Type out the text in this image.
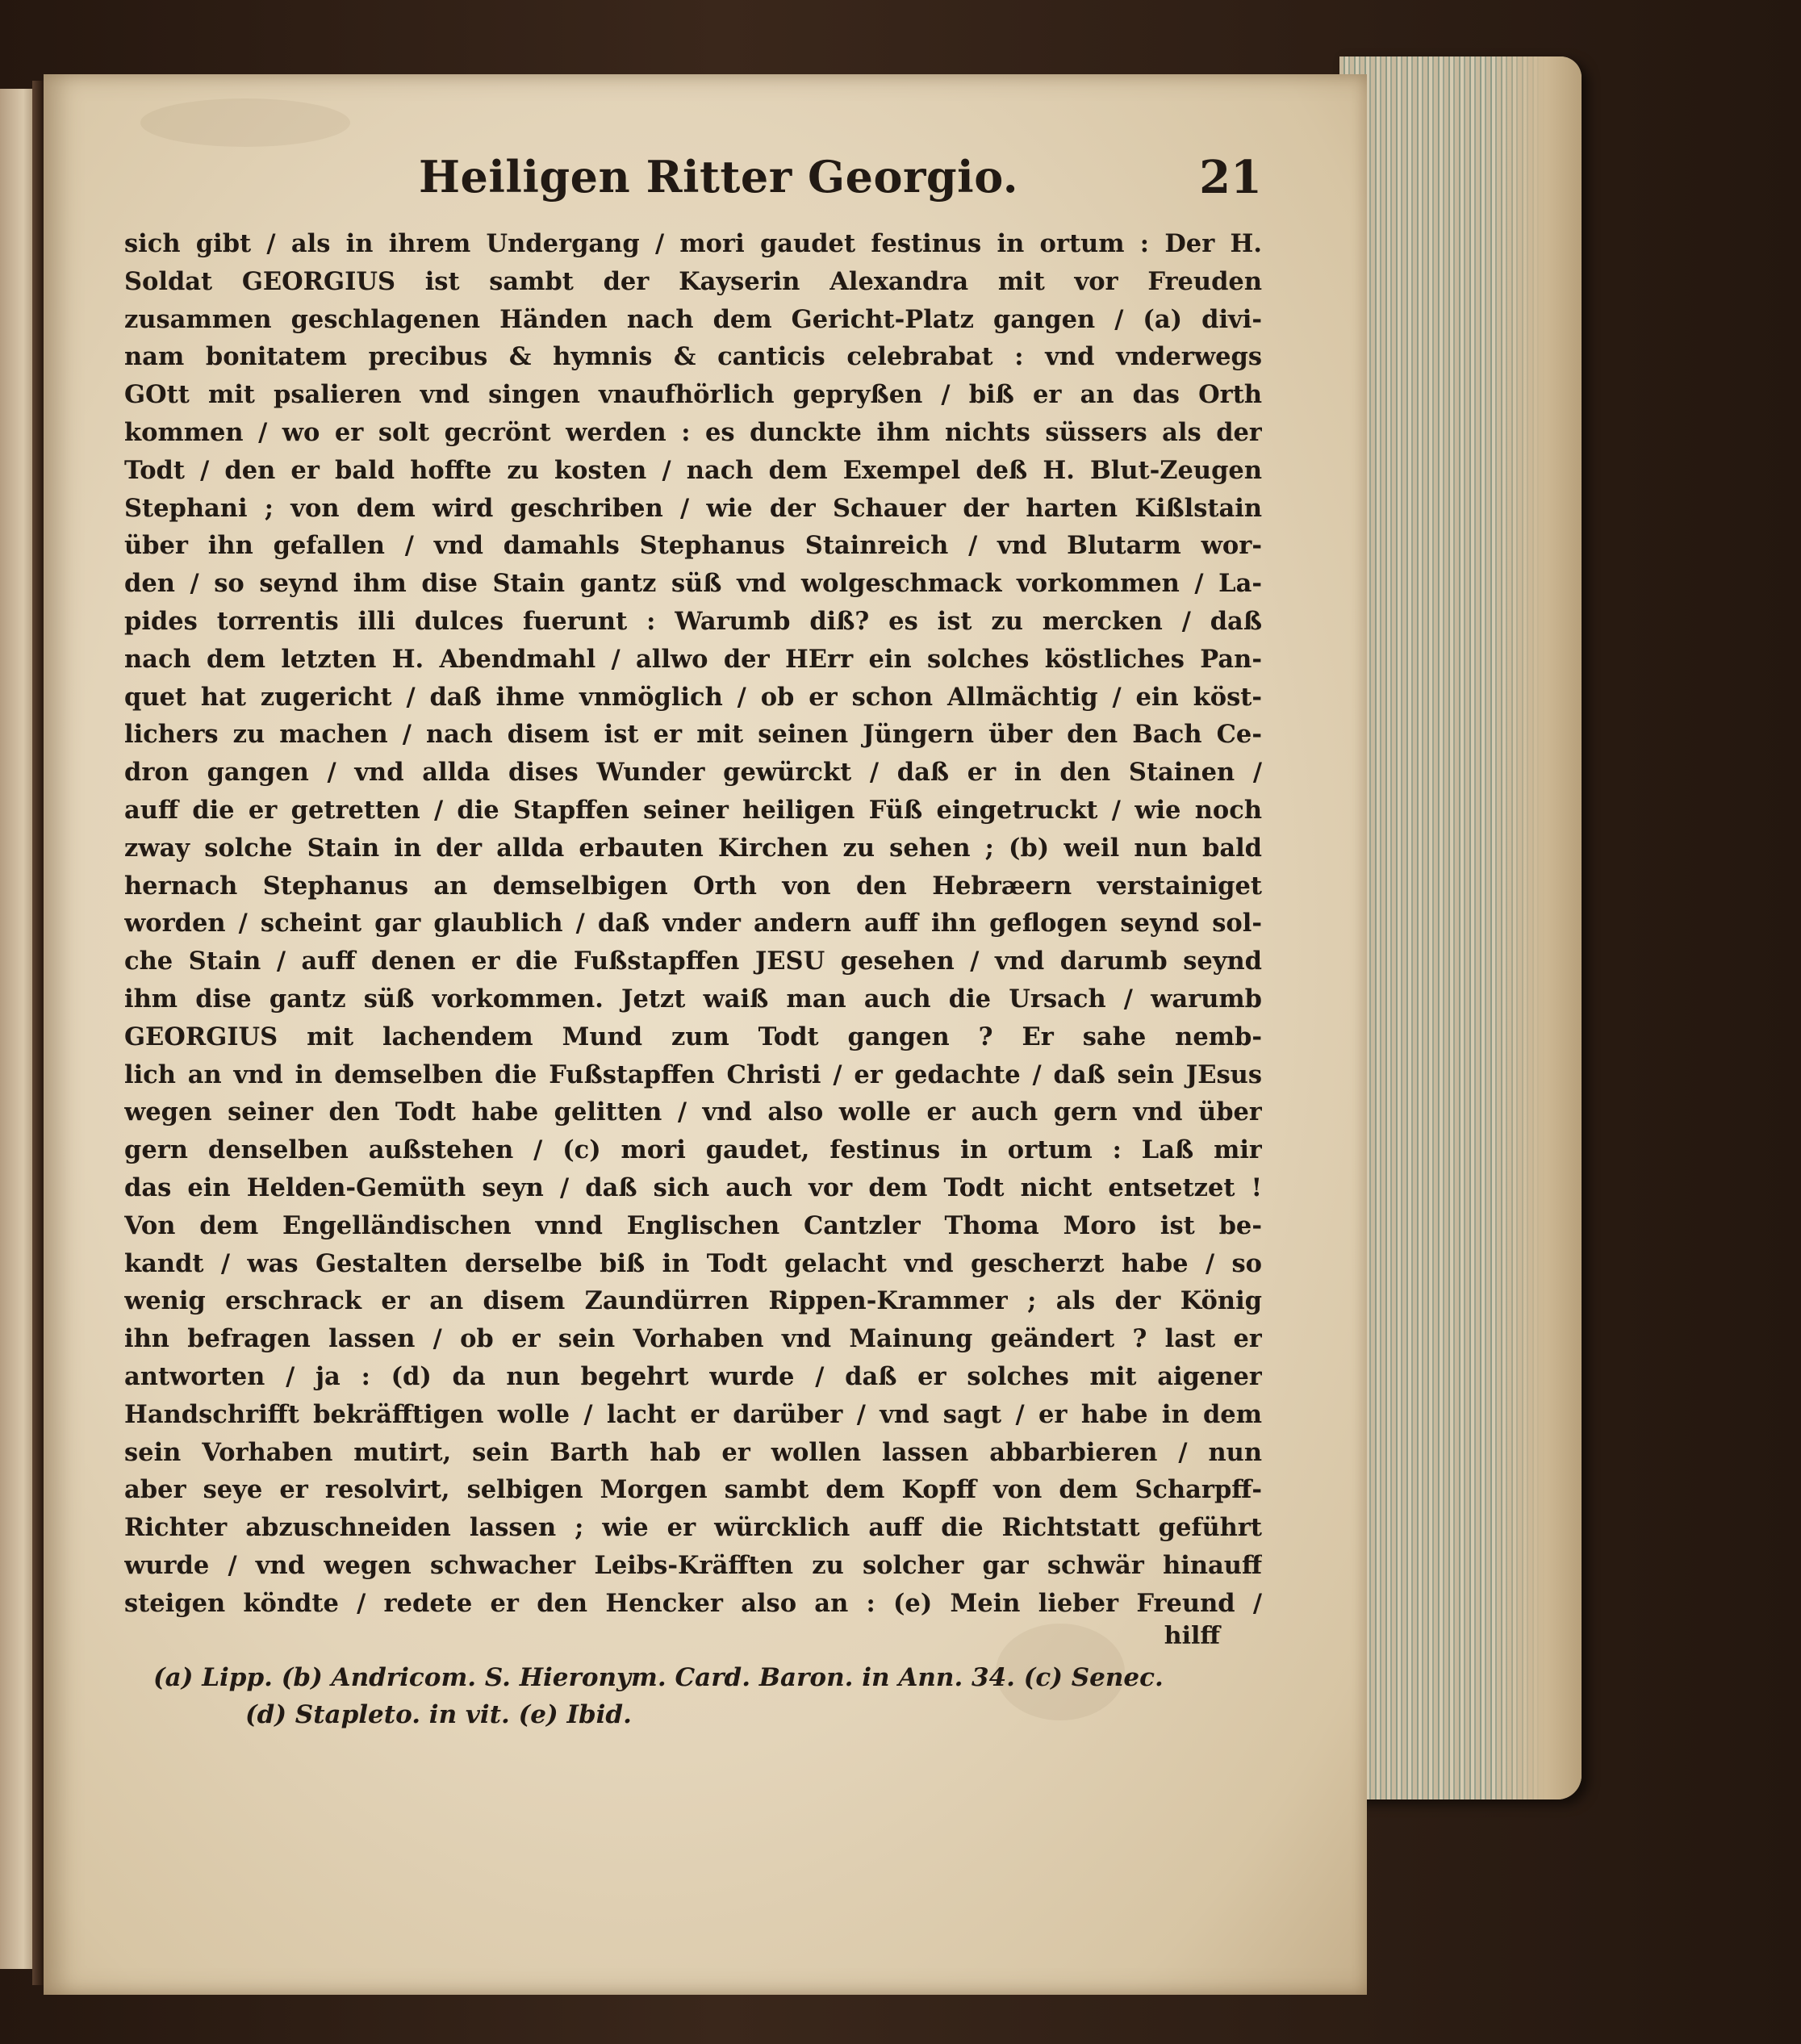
Heiligen Ritter Georgio.	21
sich gibt / als in ihrem Undergang / mori gaudet festinus in ortum : Der H.
Soldat GEORGIUS ist sambt der Kayserin Alexandra mit vor Freuden
zusammen geschlagenen Händen nach dem Gericht-Platz gangen / (a) divi-
nam bonitatem precibus & hymnis & canticis celebrabat : vnd vnderwegs
GOtt mit psalieren vnd singen vnaufhörlich gepryßen / biß er an das Orth
kommen / wo er solt gecrönt werden : es dunckte ihm nichts süssers als der
Todt / den er bald hoffte zu kosten / nach dem Exempel deß H. Blut-Zeugen
Stephani ; von dem wird geschriben / wie der Schauer der harten Kißlstain
über ihn gefallen / vnd damahls Stephanus Stainreich / vnd Blutarm wor-
den / so seynd ihm dise Stain gantz süß vnd wolgeschmack vorkommen / La-
pides torrentis illi dulces fuerunt : Warumb diß? es ist zu mercken / daß
nach dem letzten H. Abendmahl / allwo der HErr ein solches köstliches Pan-
quet hat zugericht / daß ihme vnmöglich / ob er schon Allmächtig / ein köst-
lichers zu machen / nach disem ist er mit seinen Jüngern über den Bach Ce-
dron gangen / vnd allda dises Wunder gewürckt / daß er in den Stainen /
auff die er getretten / die Stapffen seiner heiligen Füß eingetruckt / wie noch
zway solche Stain in der allda erbauten Kirchen zu sehen ; (b) weil nun bald
hernach Stephanus an demselbigen Orth von den Hebræern verstainiget
worden / scheint gar glaublich / daß vnder andern auff ihn geflogen seynd sol-
che Stain / auff denen er die Fußstapffen JESU gesehen / vnd darumb seynd
ihm dise gantz süß vorkommen. Jetzt waiß man auch die Ursach / warumb
GEORGIUS mit lachendem Mund zum Todt gangen ? Er sahe nemb-
lich an vnd in demselben die Fußstapffen Christi / er gedachte / daß sein JEsus
wegen seiner den Todt habe gelitten / vnd also wolle er auch gern vnd über
gern denselben außstehen / (c) mori gaudet, festinus in ortum : Laß mir
das ein Helden-Gemüth seyn / daß sich auch vor dem Todt nicht entsetzet !
Von dem Engelländischen vnnd Englischen Cantzler Thoma Moro ist be-
kandt / was Gestalten derselbe biß in Todt gelacht vnd gescherzt habe / so
wenig erschrack er an disem Zaundürren Rippen-Krammer ; als der König
ihn befragen lassen / ob er sein Vorhaben vnd Mainung geändert ? last er
antworten / ja : (d) da nun begehrt wurde / daß er solches mit aigener
Handschrifft bekräfftigen wolle / lacht er darüber / vnd sagt / er habe in dem
sein Vorhaben mutirt, sein Barth hab er wollen lassen abbarbieren / nun
aber seye er resolvirt, selbigen Morgen sambt dem Kopff von dem Scharpff-
Richter abzuschneiden lassen ; wie er würcklich auff die Richtstatt geführt
wurde / vnd wegen schwacher Leibs-Kräfften zu solcher gar schwär hinauff
steigen köndte / redete er den Hencker also an : (e) Mein lieber Freund /
hilff
(a) Lipp. (b) Andricom. S. Hieronym. Card. Baron. in Ann. 34. (c) Senec.
(d) Stapleto. in vit. (e) Ibid.
